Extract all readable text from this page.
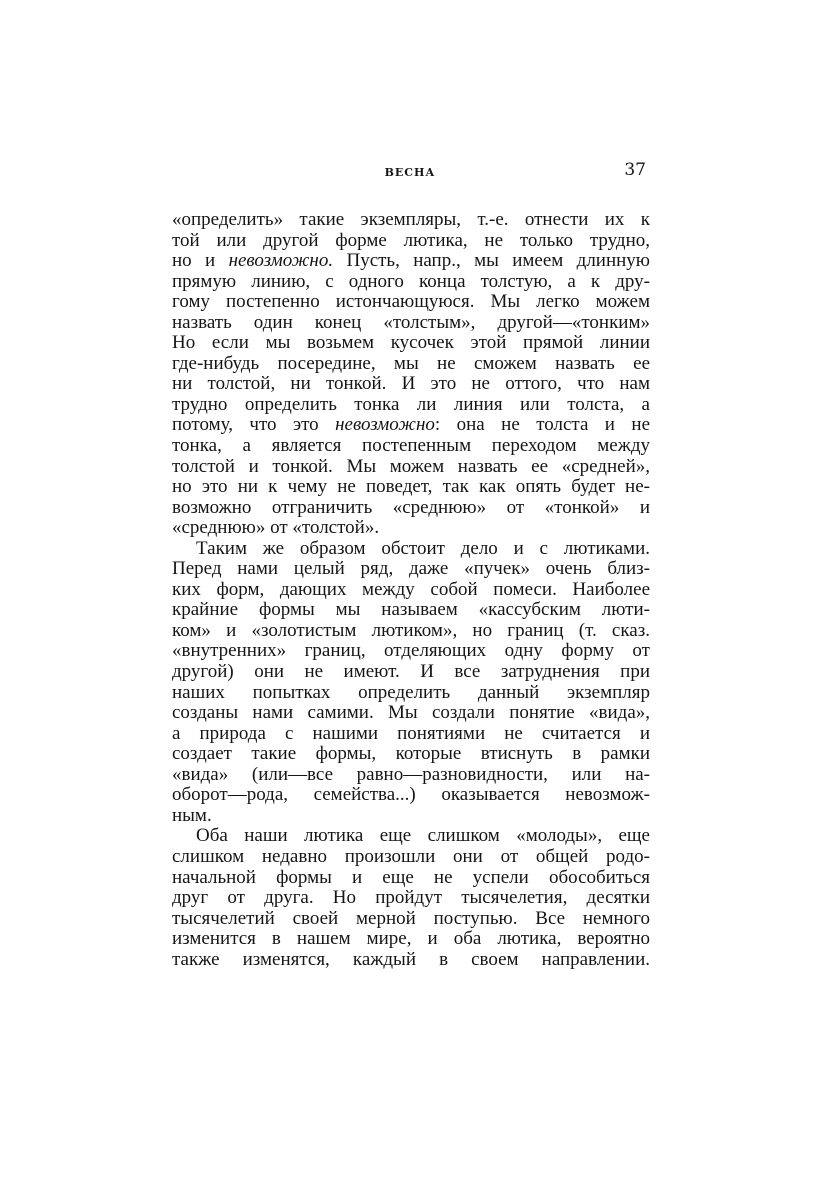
ВЕСНА	37
«определить» такие экземпляры, т.-е. отнести их к
той или другой форме лютика, не только трудно,
но и невозможно. Пусть, напр., мы имеем длинную
прямую линию, с одного конца толстую, а к дру-
гому постепенно истончающуюся. Мы легко можем
назвать один конец «толстым», другой—«тонким»
Но если мы возьмем кусочек этой прямой линии
где-нибудь посередине, мы не сможем назвать ее
ни толстой, ни тонкой. И это не оттого, что нам
трудно определить тонка ли линия или толста, а
потому, что это невозможно: она не толста и не
тонка, а является постепенным переходом между
толстой и тонкой. Мы можем назвать ее «средней»,
но это ни к чему не поведет, так как опять будет не-
возможно отграничить «среднюю» от «тонкой» и
«среднюю» от «толстой».
Таким же образом обстоит дело и с лютиками.
Перед нами целый ряд, даже «пучек» очень близ-
ких форм, дающих между собой помеси. Наиболее
крайние формы мы называем «кассубским люти-
ком» и «золотистым лютиком», но границ (т. сказ.
«внутренних» границ, отделяющих одну форму от
другой) они не имеют. И все затруднения при
наших попытках определить данный экземпляр
созданы нами самими. Мы создали понятие «вида»,
а природа с нашими понятиями не считается и
создает такие формы, которые втиснуть в рамки
«вида» (или—все равно—разновидности, или на-
оборот—рода, семейства...) оказывается невозмож-
ным.
Оба наши лютика еще слишком «молоды», еще
слишком недавно произошли они от общей родо-
начальной формы и еще не успели обособиться
друг от друга. Но пройдут тысячелетия, десятки
тысячелетий своей мерной поступью. Все немного
изменится в нашем мире, и оба лютика, вероятно
также изменятся, каждый в своем направлении.
